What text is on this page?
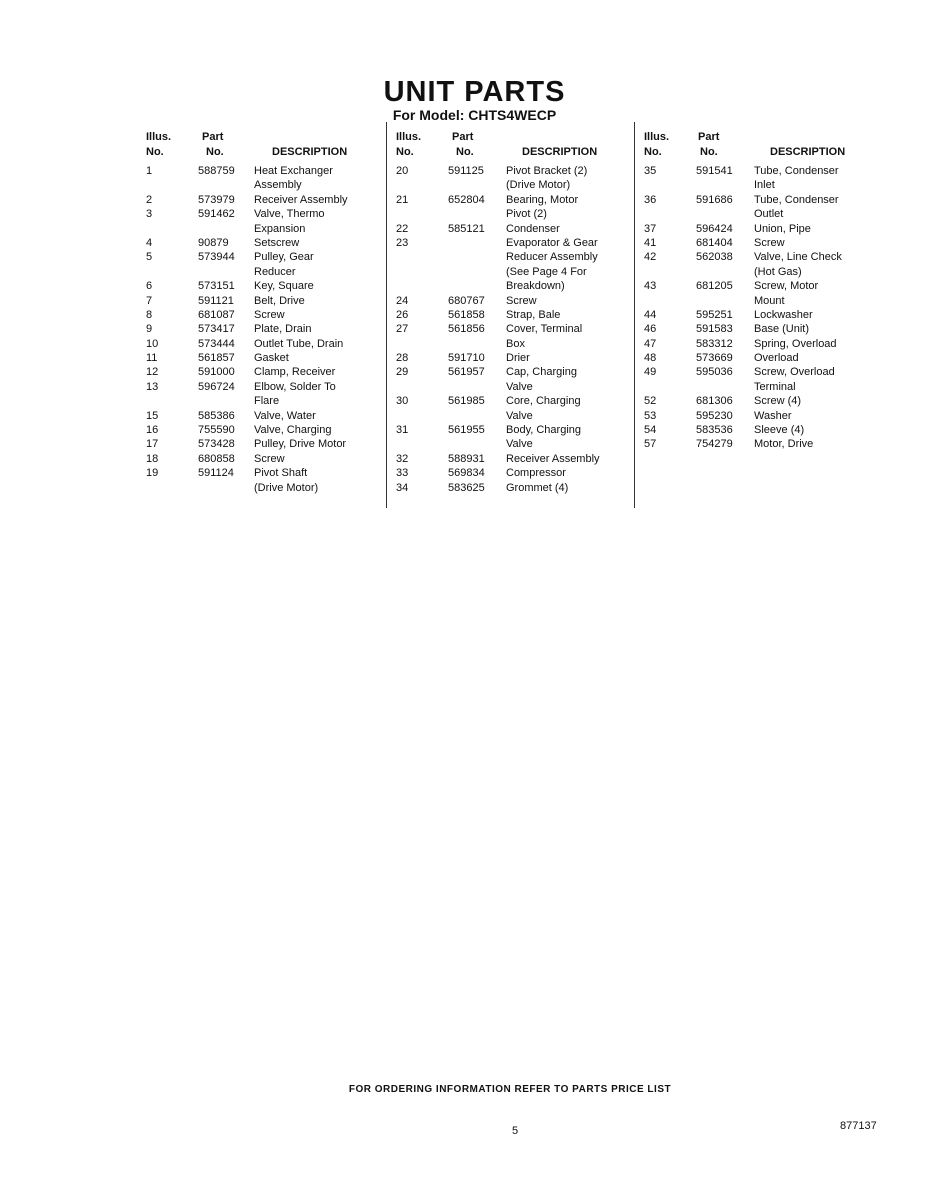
UNIT PARTS
For Model: CHTS4WECP
Illus.
No.
Part
No.	DESCRIPTION
1	588759 Heat Exchanger
Assembly
2	573979 Receiver Assembly
3	591462 Valve, Thermo
Expansion
4	90879 Setscrew
5	573944 Pulley, Gear
Reducer
6	573151 Key, Square
7	591121 Belt, Drive
8	681087 Screw
9	573417 Plate, Drain
10	573444 Outlet Tube, Drain
11	561857 Gasket
12	591000 Clamp, Receiver
13	596724 Elbow, Solder To
Flare
15	585386 Valve, Water
16	755590 Valve, Charging
17	573428 Pulley, Drive Motor
18	680858 Screw
19	591124 Pivot Shaft
(Drive Motor)
Illus.
No.
Part
No.	DESCRIPTION
20	591125 Pivot Bracket (2)
(Drive Motor)
21	652804 Bearing, Motor
Pivot (2)
22	585121 Condenser
23	Evaporator & Gear
Reducer Assembly
(See Page 4 For
Breakdown)
24	680767 Screw
26	561858 Strap, Bale
27	561856 Cover, Terminal
Box
28	591710 Drier
29	561957 Cap, Charging
Valve
30	561985 Core, Charging
Valve
31	561955 Body, Charging
Valve
32	588931 Receiver Assembly
33	569834 Compressor
34	583625 Grommet (4)
Illus.
No.
Part
No.	DESCRIPTION
35	591541 Tube, Condenser
Inlet
36	591686 Tube, Condenser
Outlet
37	596424 Union, Pipe
41	681404 Screw
42	562038 Valve, Line Check
(Hot Gas)
43	681205 Screw, Motor
Mount
44	595251 Lockwasher
46	591583 Base (Unit)
47	583312 Spring, Overload
48	573669 Overload
49	595036 Screw, Overload
Terminal
52	681306 Screw (4)
53	595230 Washer
54	583536 Sleeve (4)
57	754279 Motor, Drive
FOR ORDERING INFORMATION REFER TO PARTS PRICE LIST
5	877137
